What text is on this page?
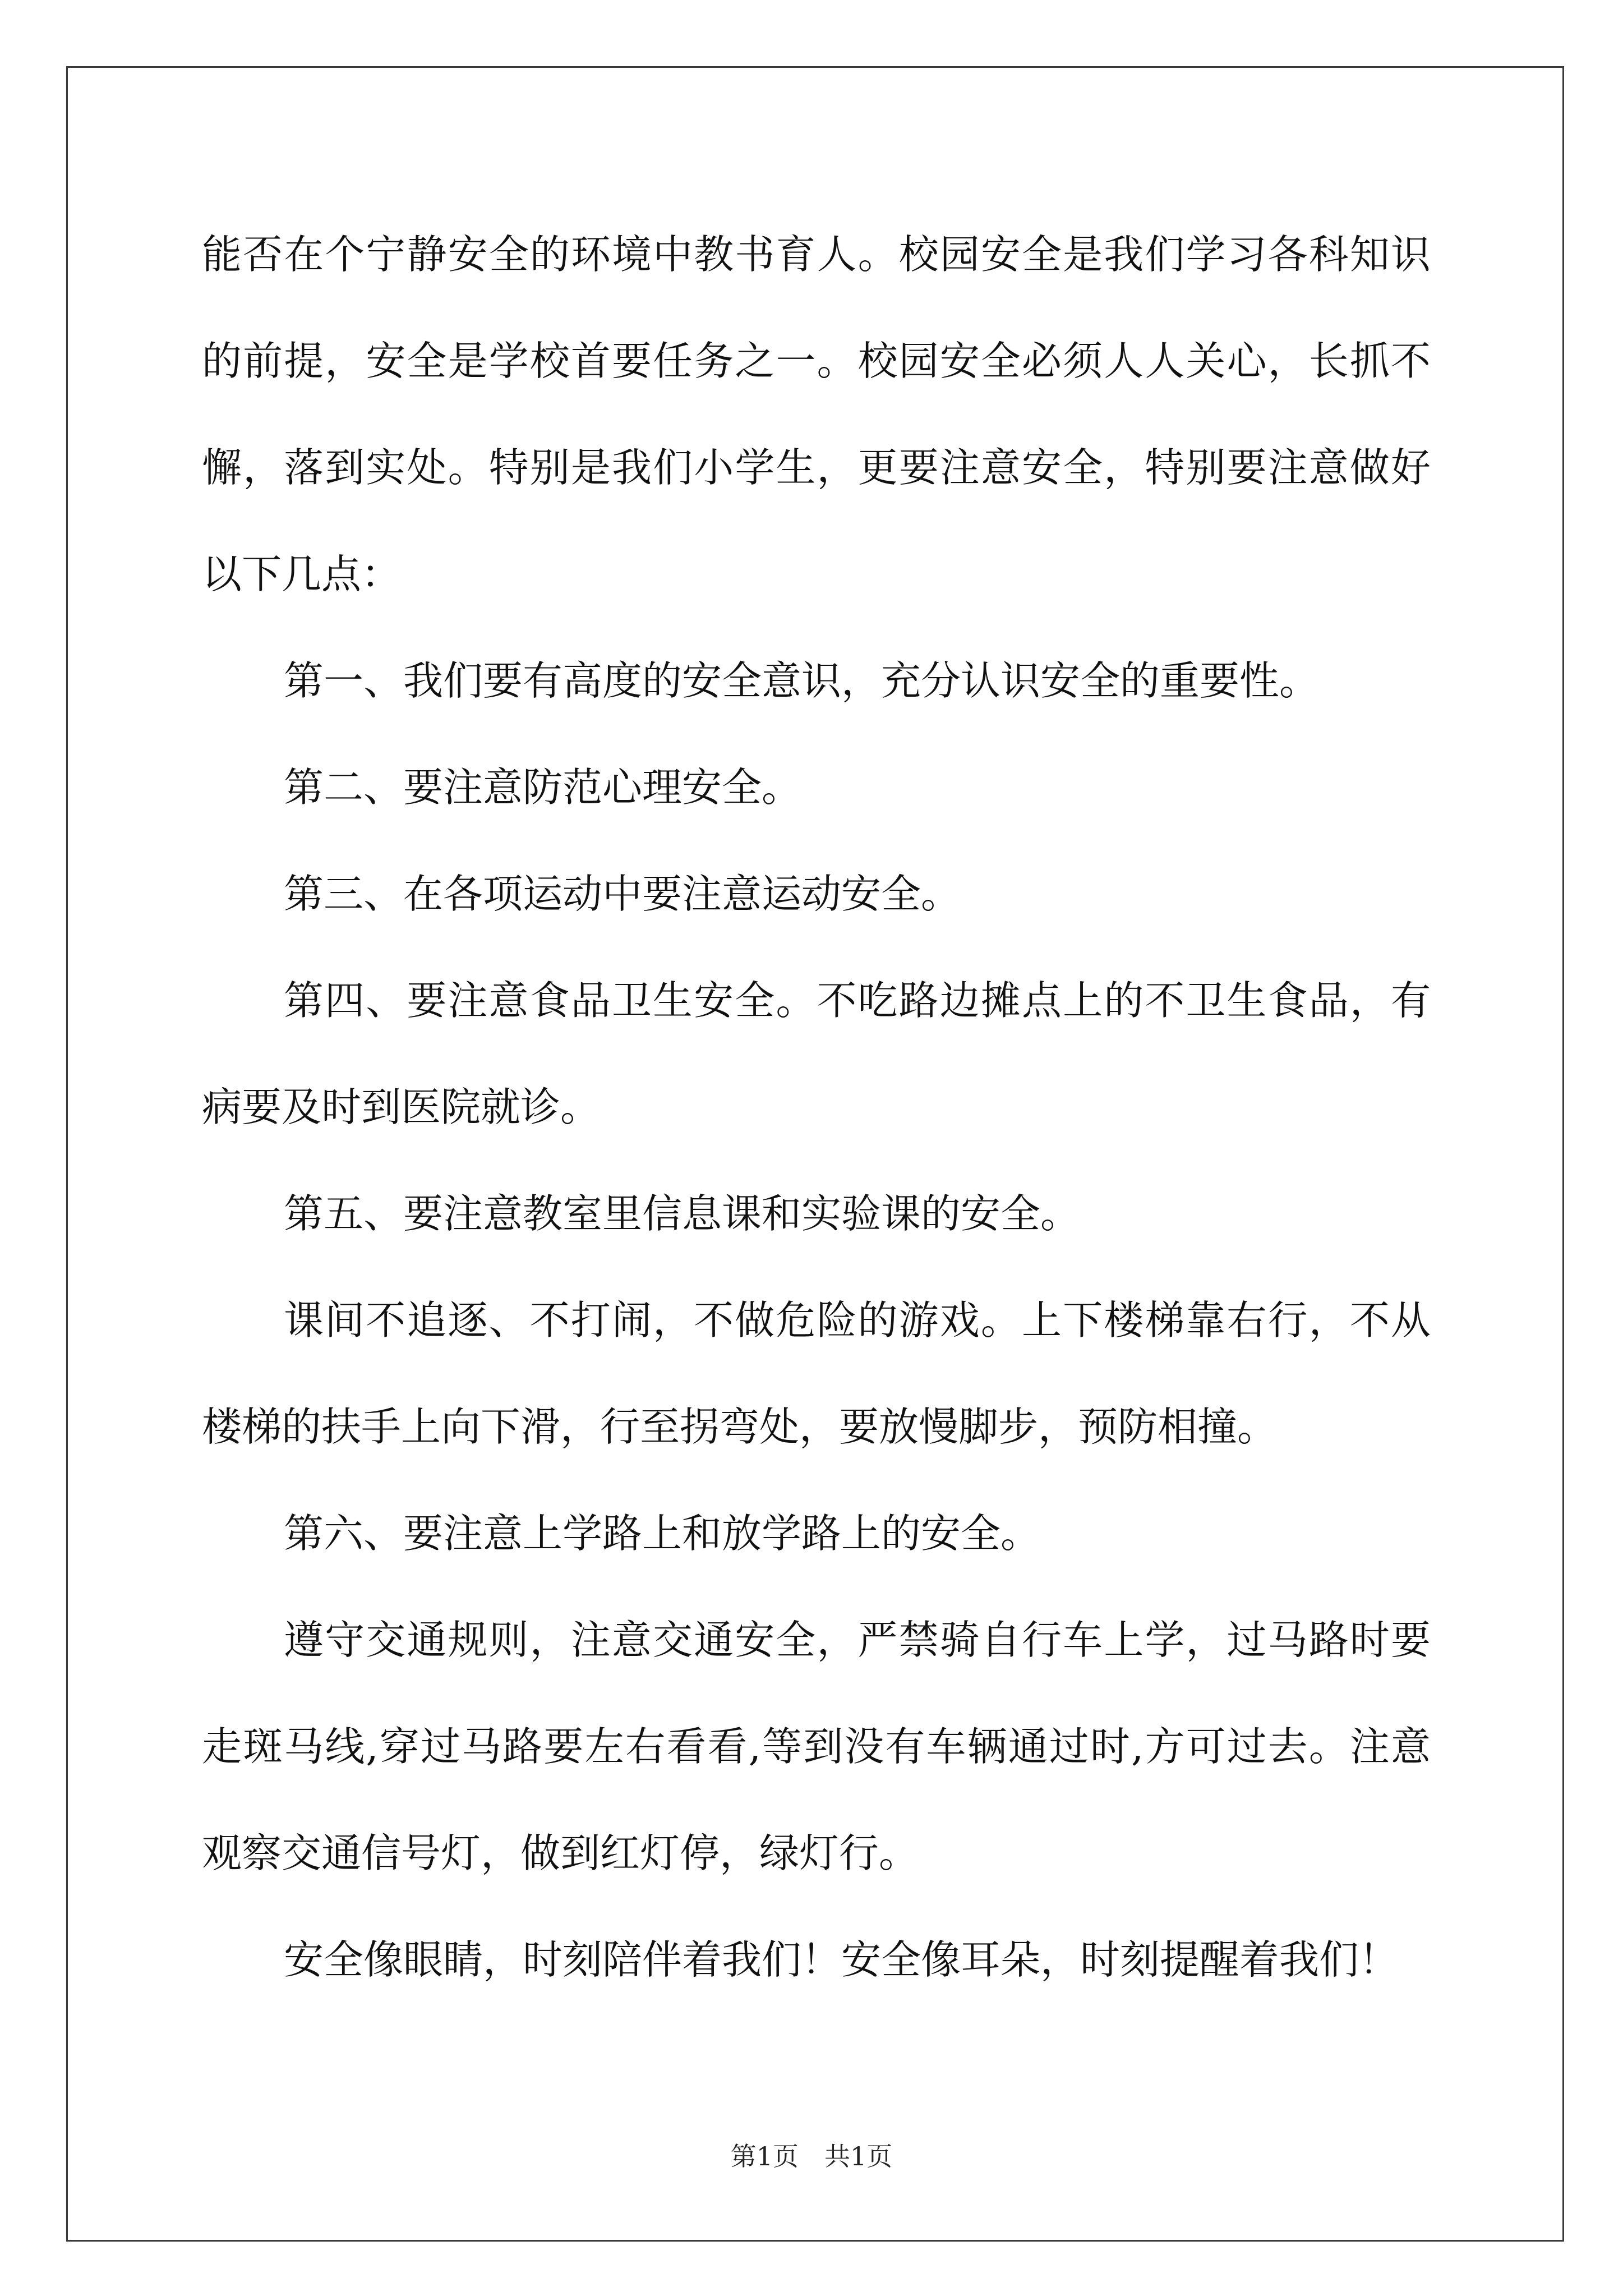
能否在个宁静安全的环境中教书育人。校园安全是我们学习各科知识
的前提，安全是学校首要任务之一。校园安全必须人人关心，长抓不
懈，落到实处。特别是我们小学生，更要注意安全，特别要注意做好
以下几点：
第一、我们要有高度的安全意识，充分认识安全的重要性。
第二、要注意防范心理安全。
第三、在各项运动中要注意运动安全。
第四、要注意食品卫生安全。不吃路边摊点上的不卫生食品，有
病要及时到医院就诊。
第五、要注意教室里信息课和实验课的安全。
课间不追逐、不打闹，不做危险的游戏。上下楼梯靠右行，不从
楼梯的扶手上向下滑，行至拐弯处，要放慢脚步，预防相撞。
第六、要注意上学路上和放学路上的安全。
遵守交通规则，注意交通安全，严禁骑自行车上学，过马路时要
走斑马线,穿过马路要左右看看,等到没有车辆通过时,方可过去。注意
观察交通信号灯，做到红灯停，绿灯行。
安全像眼睛，时刻陪伴着我们！安全像耳朵，时刻提醒着我们！
第1页　共1页
